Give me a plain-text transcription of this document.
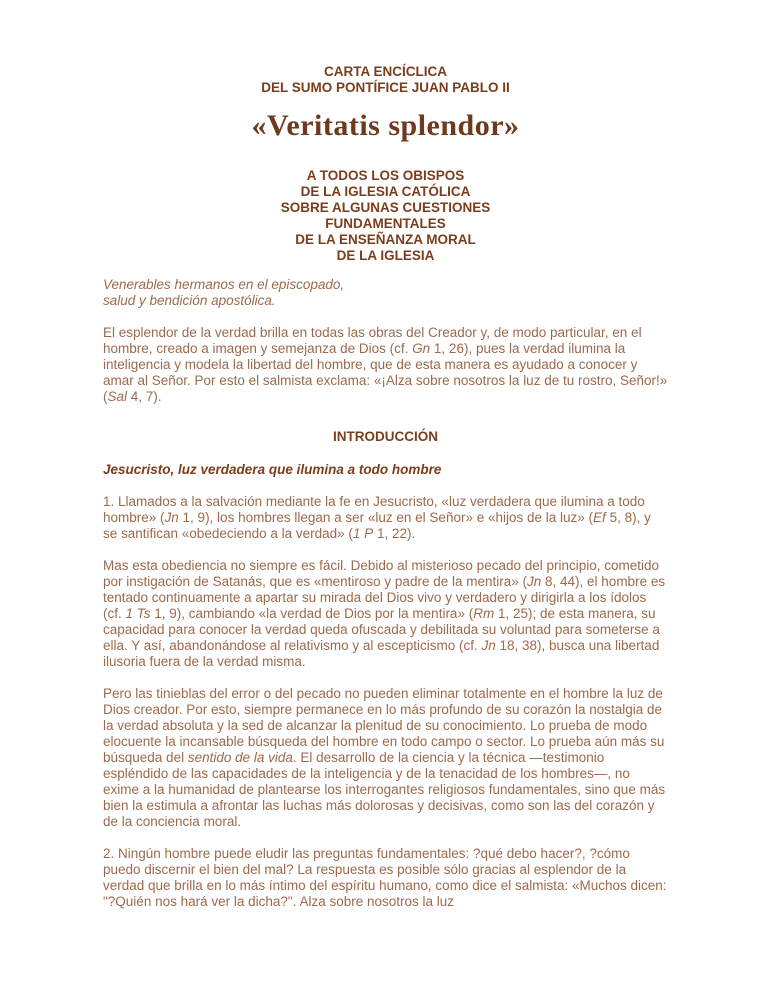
CARTA ENCÍCLICA
DEL SUMO PONTÍFICE JUAN PABLO II
«Veritatis splendor»
A TODOS LOS OBISPOS
DE LA IGLESIA CATÓLICA
SOBRE ALGUNAS CUESTIONES
FUNDAMENTALES
DE LA ENSEÑANZA MORAL
DE LA IGLESIA
Venerables hermanos en el episcopado,
salud y bendición apostólica.

El esplendor de la verdad brilla en todas las obras del Creador y, de modo particular, en el hombre, creado a imagen y semejanza de Dios (cf. Gn 1, 26), pues la verdad ilumina la inteligencia y modela la libertad del hombre, que de esta manera es ayudado a conocer y amar al Señor. Por esto el salmista exclama: «¡Alza sobre nosotros la luz de tu rostro, Señor!» (Sal 4, 7).

INTRODUCCIÓN
Jesucristo, luz verdadera que ilumina a todo hombre

1. Llamados a la salvación mediante la fe en Jesucristo, «luz verdadera que ilumina a todo hombre» (Jn 1, 9), los hombres llegan a ser «luz en el Señor» e «hijos de la luz» (Ef 5, 8), y se santifican «obedeciendo a la verdad» (1 P 1, 22).

Mas esta obediencia no siempre es fácil. Debido al misterioso pecado del principio, cometido por instigación de Satanás, que es «mentiroso y padre de la mentira» (Jn 8, 44), el hombre es tentado continuamente a apartar su mirada del Dios vivo y verdadero y dirigirla a los ídolos (cf. 1 Ts 1, 9), cambiando «la verdad de Dios por la mentira» (Rm 1, 25); de esta manera, su capacidad para conocer la verdad queda ofuscada y debilitada su voluntad para someterse a ella. Y así, abandonándose al relativismo y al escepticismo (cf. Jn 18, 38), busca una libertad ilusoria fuera de la verdad misma.

Pero las tinieblas del error o del pecado no pueden eliminar totalmente en el hombre la luz de Dios creador. Por esto, siempre permanece en lo más profundo de su corazón la nostalgia de la verdad absoluta y la sed de alcanzar la plenitud de su conocimiento. Lo prueba de modo elocuente la incansable búsqueda del hombre en todo campo o sector. Lo prueba aún más su búsqueda del sentido de la vida. El desarrollo de la ciencia y la técnica —testimonio espléndido de las capacidades de la inteligencia y de la tenacidad de los hombres—, no exime a la humanidad de plantearse los interrogantes religiosos fundamentales, sino que más bien la estimula a afrontar las luchas más dolorosas y decisivas, como son las del corazón y de la conciencia moral.

2. Ningún hombre puede eludir las preguntas fundamentales: ?qué debo hacer?, ?cómo puedo discernir el bien del mal? La respuesta es posible sólo gracias al esplendor de la verdad que brilla en lo más íntimo del espíritu humano, como dice el salmista: «Muchos dicen: "?Quién nos hará ver la dicha?". Alza sobre nosotros la luz
